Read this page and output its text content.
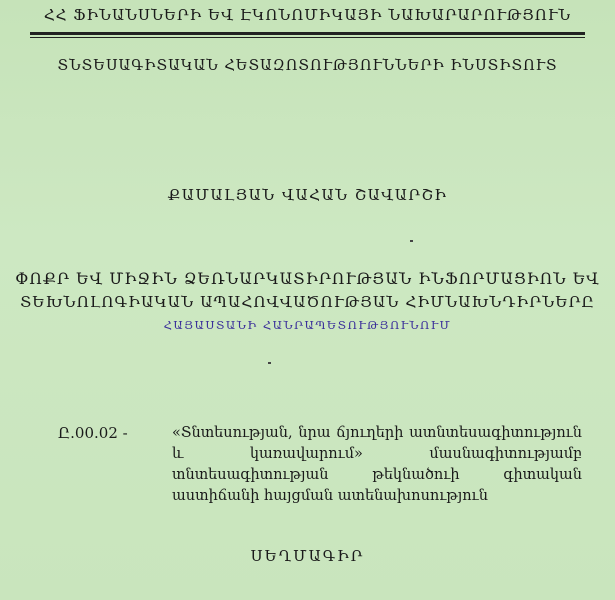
ՀՀ ՖԻՆԱՆՍՆԵՐԻ ԵՎ ԷԿՈՆՈՄԻԿԱՅԻ ՆԱԽԱՐԱՐՈՒԹՅՈՒՆ
ՏՆՏԵՍԱԳԻՏԱԿԱՆ ՀԵՏԱԶՈՏՈՒԹՅՈՒՆՆԵՐԻ ԻՆՍՏԻՏՈՒՏ
ՔԱՄԱԼՅԱՆ ՎԱՀԱՆ ՇԱՎԱՐՇԻ
ՓՈՔՐ ԵՎ ՄԻՋԻՆ ՁԵՌՆԱՐԿԱՏԻՐՈՒԹՅԱՆ ԻՆՖՈՐՄԱՑԻՈՆ ԵՎ
ՏԵԽՆՈԼՈԳԻԱԿԱՆ ԱՊԱՀՈՎՎԱԾՈՒԹՅԱՆ ՀԻՄՆԱԽՆԴԻՐՆԵՐԸ
ՀԱՅԱՍՏԱՆԻ ՀԱՆՐԱՊԵՏՈՒԹՅՈՒՆՈՒՄ
Ը.00.02 -	«Տնտեսության, նրա ճյուղերի ատնտեսագիտություն և կառավարում» մասնագիտությամբ տնտեսագիտության թեկնածուի գիտական աստիճանի հայցման ատենախոսություն
ՍԵՂՄԱԳԻՐ
